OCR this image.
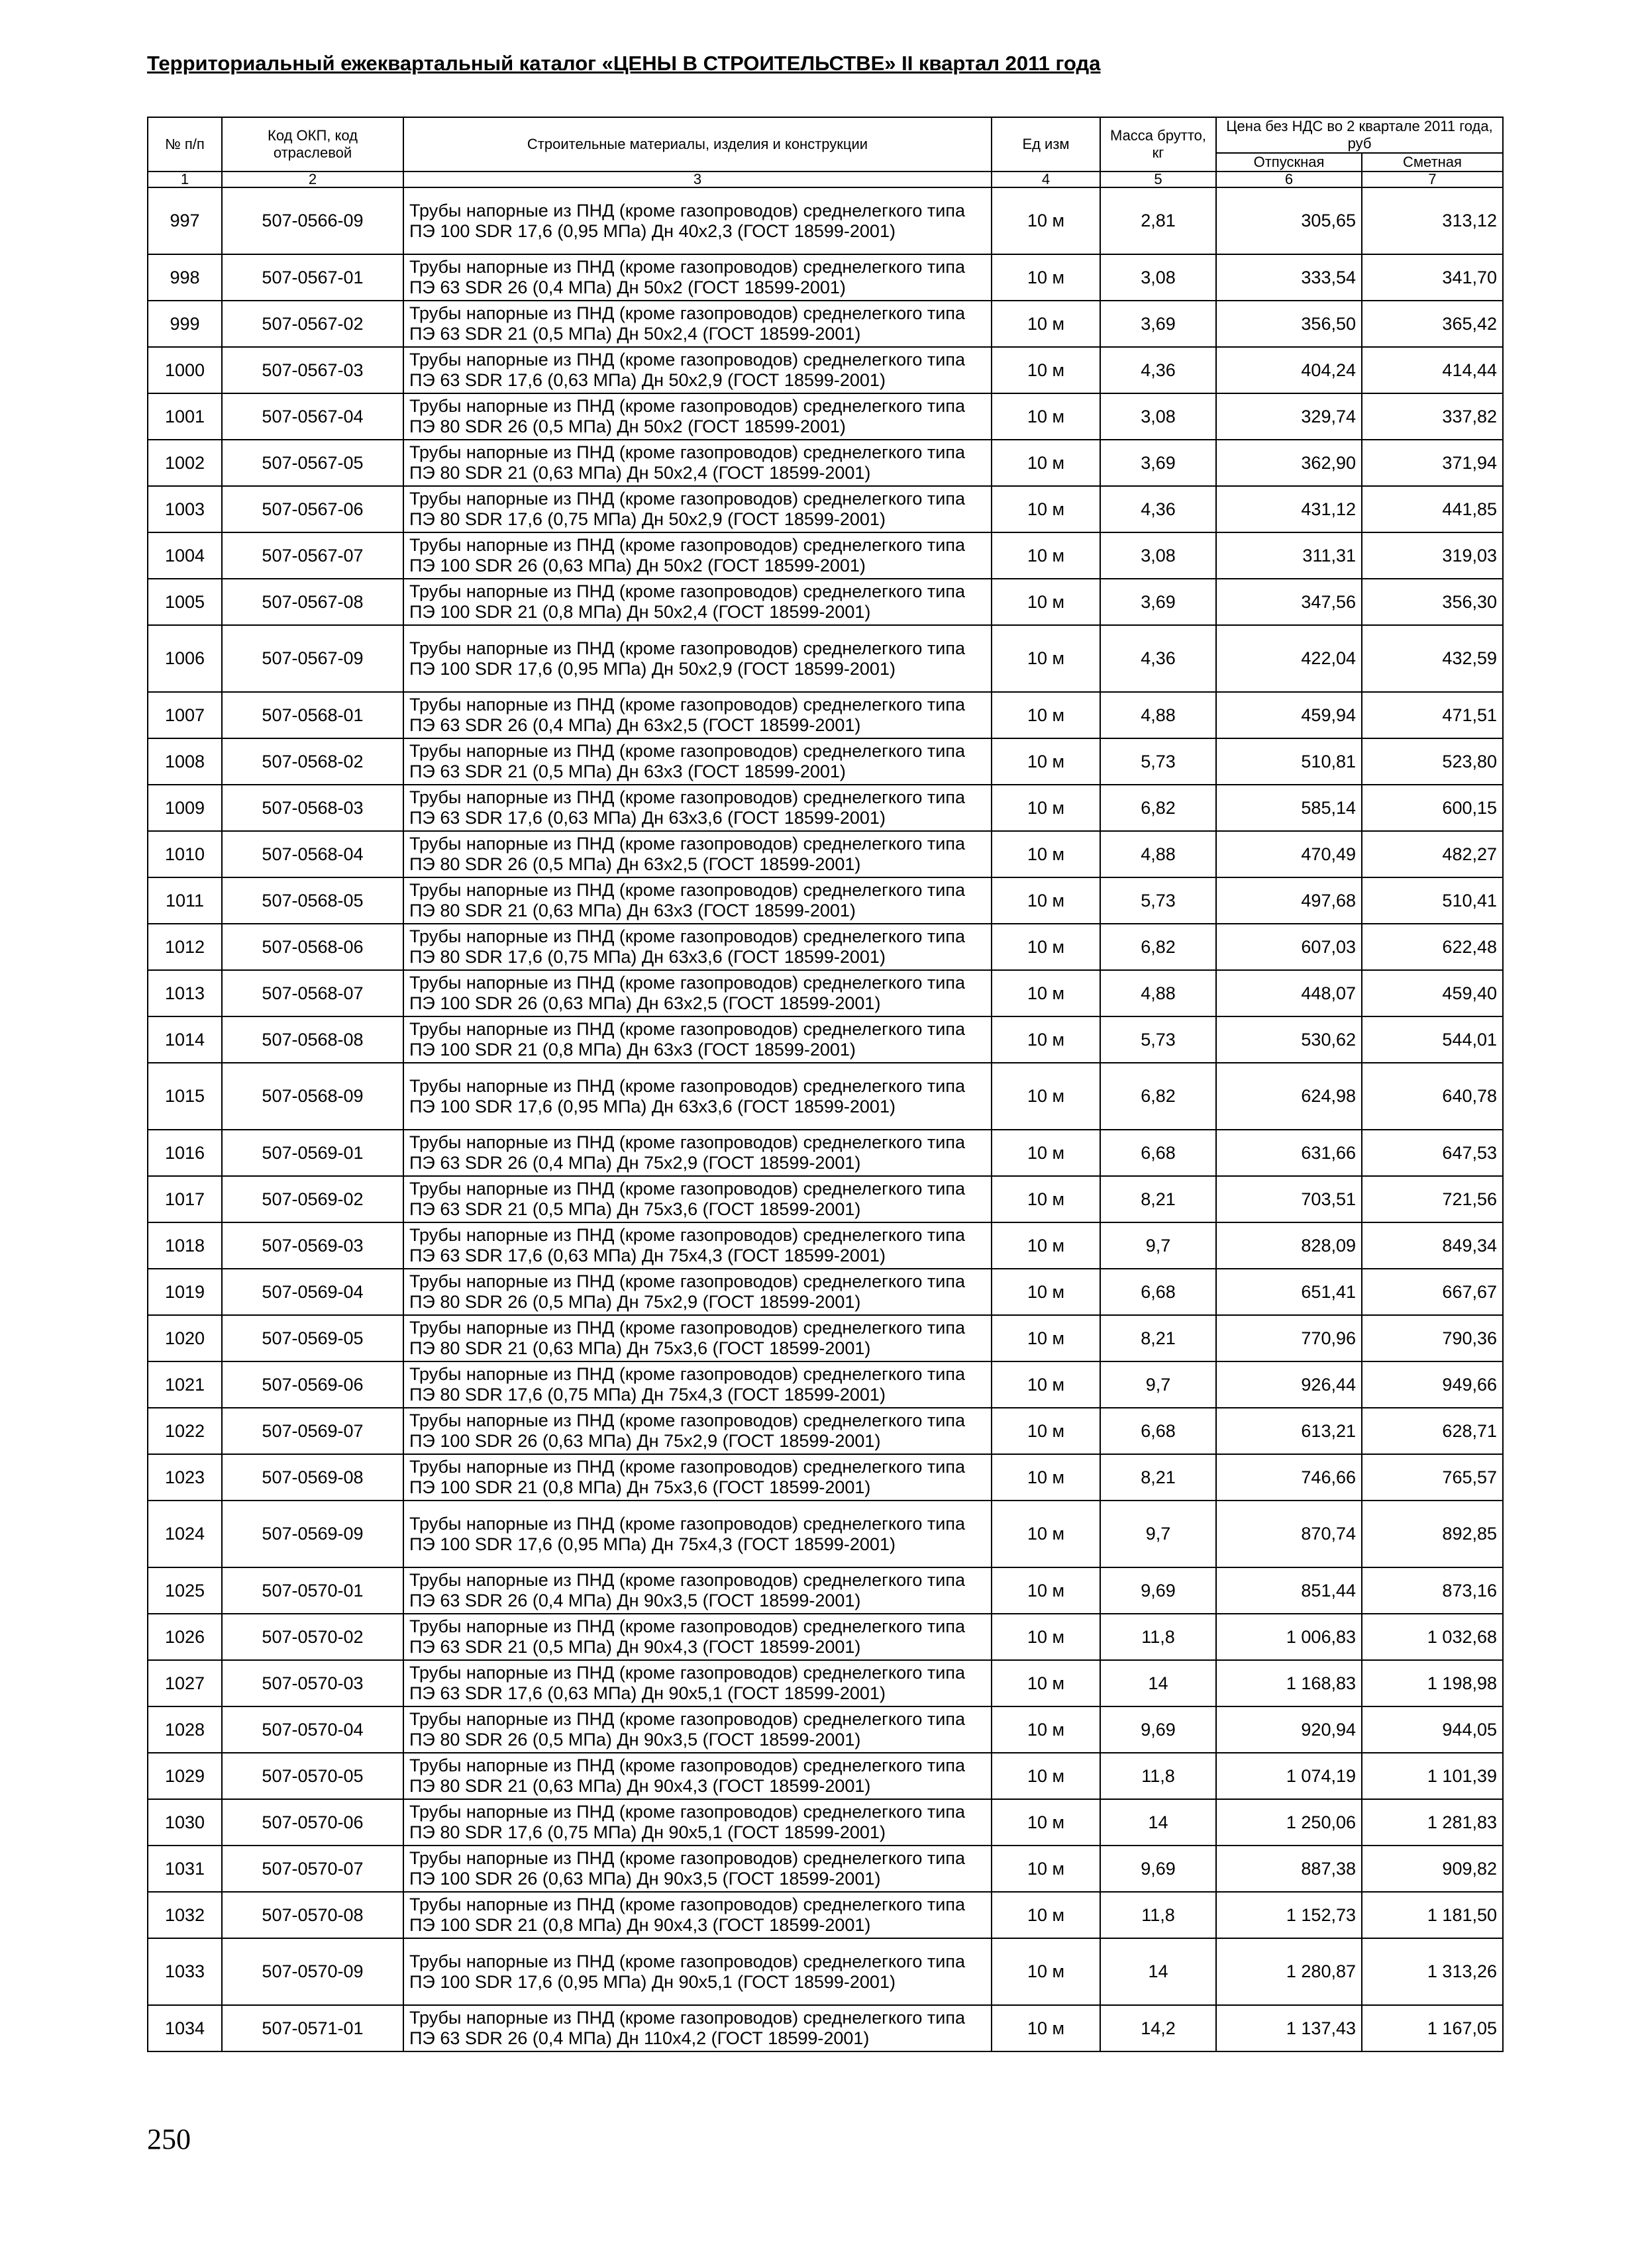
Территориальный ежеквартальный каталог «ЦЕНЫ В СТРОИТЕЛЬСТВЕ» II квартал 2011 года
№ п/п	Код ОКП, код отраслевой	Строительные материалы, изделия и конструкции	Ед изм	Масса брутто, кг	Цена без НДС во 2 квартале 2011 года, руб	
					Отпускная	Сметная
1	2	3	4	5	6	7
997	507-0566-09	Трубы напорные из ПНД (кроме газопроводов) среднелегкого типа ПЭ 100 SDR 17,6 (0,95 МПа) Дн 40х2,3 (ГОСТ 18599-2001)	10 м	2,81	305,65	313,12
998	507-0567-01	Трубы напорные из ПНД (кроме газопроводов) среднелегкого типа ПЭ 63 SDR 26 (0,4 МПа) Дн 50х2 (ГОСТ 18599-2001)	10 м	3,08	333,54	341,70
999	507-0567-02	Трубы напорные из ПНД (кроме газопроводов) среднелегкого типа ПЭ 63 SDR 21 (0,5 МПа) Дн 50х2,4 (ГОСТ 18599-2001)	10 м	3,69	356,50	365,42
1000	507-0567-03	Трубы напорные из ПНД (кроме газопроводов) среднелегкого типа ПЭ 63 SDR 17,6 (0,63 МПа) Дн 50х2,9 (ГОСТ 18599-2001)	10 м	4,36	404,24	414,44
1001	507-0567-04	Трубы напорные из ПНД (кроме газопроводов) среднелегкого типа ПЭ 80 SDR 26 (0,5 МПа) Дн 50х2 (ГОСТ 18599-2001)	10 м	3,08	329,74	337,82
1002	507-0567-05	Трубы напорные из ПНД (кроме газопроводов) среднелегкого типа ПЭ 80 SDR 21 (0,63 МПа) Дн 50х2,4 (ГОСТ 18599-2001)	10 м	3,69	362,90	371,94
1003	507-0567-06	Трубы напорные из ПНД (кроме газопроводов) среднелегкого типа ПЭ 80 SDR 17,6 (0,75 МПа) Дн 50х2,9 (ГОСТ 18599-2001)	10 м	4,36	431,12	441,85
1004	507-0567-07	Трубы напорные из ПНД (кроме газопроводов) среднелегкого типа ПЭ 100 SDR 26 (0,63 МПа) Дн 50х2 (ГОСТ 18599-2001)	10 м	3,08	311,31	319,03
1005	507-0567-08	Трубы напорные из ПНД (кроме газопроводов) среднелегкого типа ПЭ 100 SDR 21 (0,8 МПа) Дн 50х2,4 (ГОСТ 18599-2001)	10 м	3,69	347,56	356,30
1006	507-0567-09	Трубы напорные из ПНД (кроме газопроводов) среднелегкого типа ПЭ 100 SDR 17,6 (0,95 МПа) Дн 50х2,9 (ГОСТ 18599-2001)	10 м	4,36	422,04	432,59
1007	507-0568-01	Трубы напорные из ПНД (кроме газопроводов) среднелегкого типа ПЭ 63 SDR 26 (0,4 МПа) Дн 63х2,5 (ГОСТ 18599-2001)	10 м	4,88	459,94	471,51
1008	507-0568-02	Трубы напорные из ПНД (кроме газопроводов) среднелегкого типа ПЭ 63 SDR 21 (0,5 МПа) Дн 63х3 (ГОСТ 18599-2001)	10 м	5,73	510,81	523,80
1009	507-0568-03	Трубы напорные из ПНД (кроме газопроводов) среднелегкого типа ПЭ 63 SDR 17,6 (0,63 МПа) Дн 63х3,6 (ГОСТ 18599-2001)	10 м	6,82	585,14	600,15
1010	507-0568-04	Трубы напорные из ПНД (кроме газопроводов) среднелегкого типа ПЭ 80 SDR 26 (0,5 МПа) Дн 63х2,5 (ГОСТ 18599-2001)	10 м	4,88	470,49	482,27
1011	507-0568-05	Трубы напорные из ПНД (кроме газопроводов) среднелегкого типа ПЭ 80 SDR 21 (0,63 МПа) Дн 63х3 (ГОСТ 18599-2001)	10 м	5,73	497,68	510,41
1012	507-0568-06	Трубы напорные из ПНД (кроме газопроводов) среднелегкого типа ПЭ 80 SDR 17,6 (0,75 МПа) Дн 63х3,6 (ГОСТ 18599-2001)	10 м	6,82	607,03	622,48
1013	507-0568-07	Трубы напорные из ПНД (кроме газопроводов) среднелегкого типа ПЭ 100 SDR 26 (0,63 МПа) Дн 63х2,5 (ГОСТ 18599-2001)	10 м	4,88	448,07	459,40
1014	507-0568-08	Трубы напорные из ПНД (кроме газопроводов) среднелегкого типа ПЭ 100 SDR 21 (0,8 МПа) Дн 63х3 (ГОСТ 18599-2001)	10 м	5,73	530,62	544,01
1015	507-0568-09	Трубы напорные из ПНД (кроме газопроводов) среднелегкого типа ПЭ 100 SDR 17,6 (0,95 МПа) Дн 63х3,6 (ГОСТ 18599-2001)	10 м	6,82	624,98	640,78
1016	507-0569-01	Трубы напорные из ПНД (кроме газопроводов) среднелегкого типа ПЭ 63 SDR 26 (0,4 МПа) Дн 75х2,9 (ГОСТ 18599-2001)	10 м	6,68	631,66	647,53
1017	507-0569-02	Трубы напорные из ПНД (кроме газопроводов) среднелегкого типа ПЭ 63 SDR 21 (0,5 МПа) Дн 75х3,6 (ГОСТ 18599-2001)	10 м	8,21	703,51	721,56
1018	507-0569-03	Трубы напорные из ПНД (кроме газопроводов) среднелегкого типа ПЭ 63 SDR 17,6 (0,63 МПа) Дн 75х4,3 (ГОСТ 18599-2001)	10 м	9,7	828,09	849,34
1019	507-0569-04	Трубы напорные из ПНД (кроме газопроводов) среднелегкого типа ПЭ 80 SDR 26 (0,5 МПа) Дн 75х2,9 (ГОСТ 18599-2001)	10 м	6,68	651,41	667,67
1020	507-0569-05	Трубы напорные из ПНД (кроме газопроводов) среднелегкого типа ПЭ 80 SDR 21 (0,63 МПа) Дн 75х3,6 (ГОСТ 18599-2001)	10 м	8,21	770,96	790,36
1021	507-0569-06	Трубы напорные из ПНД (кроме газопроводов) среднелегкого типа ПЭ 80 SDR 17,6 (0,75 МПа) Дн 75х4,3 (ГОСТ 18599-2001)	10 м	9,7	926,44	949,66
1022	507-0569-07	Трубы напорные из ПНД (кроме газопроводов) среднелегкого типа ПЭ 100 SDR 26 (0,63 МПа) Дн 75х2,9 (ГОСТ 18599-2001)	10 м	6,68	613,21	628,71
1023	507-0569-08	Трубы напорные из ПНД (кроме газопроводов) среднелегкого типа ПЭ 100 SDR 21 (0,8 МПа) Дн 75х3,6 (ГОСТ 18599-2001)	10 м	8,21	746,66	765,57
1024	507-0569-09	Трубы напорные из ПНД (кроме газопроводов) среднелегкого типа ПЭ 100 SDR 17,6 (0,95 МПа) Дн 75х4,3 (ГОСТ 18599-2001)	10 м	9,7	870,74	892,85
1025	507-0570-01	Трубы напорные из ПНД (кроме газопроводов) среднелегкого типа ПЭ 63 SDR 26 (0,4 МПа) Дн 90х3,5 (ГОСТ 18599-2001)	10 м	9,69	851,44	873,16
1026	507-0570-02	Трубы напорные из ПНД (кроме газопроводов) среднелегкого типа ПЭ 63 SDR 21 (0,5 МПа) Дн 90х4,3 (ГОСТ 18599-2001)	10 м	11,8	1 006,83	1 032,68
1027	507-0570-03	Трубы напорные из ПНД (кроме газопроводов) среднелегкого типа ПЭ 63 SDR 17,6 (0,63 МПа) Дн 90х5,1 (ГОСТ 18599-2001)	10 м	14	1 168,83	1 198,98
1028	507-0570-04	Трубы напорные из ПНД (кроме газопроводов) среднелегкого типа ПЭ 80 SDR 26 (0,5 МПа) Дн 90х3,5 (ГОСТ 18599-2001)	10 м	9,69	920,94	944,05
1029	507-0570-05	Трубы напорные из ПНД (кроме газопроводов) среднелегкого типа ПЭ 80 SDR 21 (0,63 МПа) Дн 90х4,3 (ГОСТ 18599-2001)	10 м	11,8	1 074,19	1 101,39
1030	507-0570-06	Трубы напорные из ПНД (кроме газопроводов) среднелегкого типа ПЭ 80 SDR 17,6 (0,75 МПа) Дн 90х5,1 (ГОСТ 18599-2001)	10 м	14	1 250,06	1 281,83
1031	507-0570-07	Трубы напорные из ПНД (кроме газопроводов) среднелегкого типа ПЭ 100 SDR 26 (0,63 МПа) Дн 90х3,5 (ГОСТ 18599-2001)	10 м	9,69	887,38	909,82
1032	507-0570-08	Трубы напорные из ПНД (кроме газопроводов) среднелегкого типа ПЭ 100 SDR 21 (0,8 МПа) Дн 90х4,3 (ГОСТ 18599-2001)	10 м	11,8	1 152,73	1 181,50
1033	507-0570-09	Трубы напорные из ПНД (кроме газопроводов) среднелегкого типа ПЭ 100 SDR 17,6 (0,95 МПа) Дн 90х5,1 (ГОСТ 18599-2001)	10 м	14	1 280,87	1 313,26
1034	507-0571-01	Трубы напорные из ПНД (кроме газопроводов) среднелегкого типа ПЭ 63 SDR 26 (0,4 МПа) Дн 110х4,2 (ГОСТ 18599-2001)	10 м	14,2	1 137,43	1 167,05
250
